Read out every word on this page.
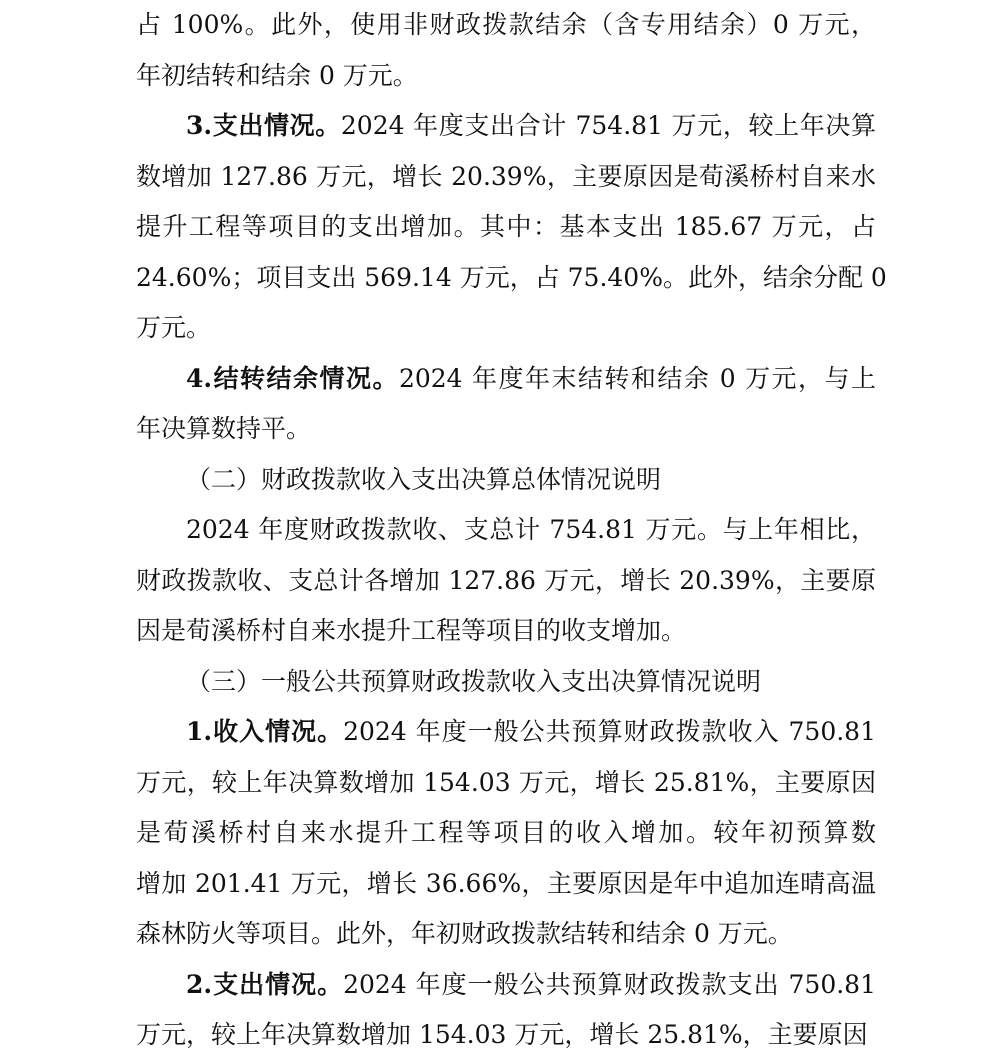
占 100%。此外，使用非财政拨款结余（含专用结余）0 万元，
年初结转和结余 0 万元。
3.支出情况。2024 年度支出合计 754.81 万元，较上年决算
数增加 127.86 万元，增长 20.39%，主要原因是荀溪桥村自来水
提升工程等项目的支出增加。其中：基本支出 185.67 万元，占
24.60%；项目支出 569.14 万元，占 75.40%。此外，结余分配 0
万元。
4.结转结余情况。2024 年度年末结转和结余 0 万元，与上
年决算数持平。
（二）财政拨款收入支出决算总体情况说明
2024 年度财政拨款收、支总计 754.81 万元。与上年相比，
财政拨款收、支总计各增加 127.86 万元，增长 20.39%，主要原
因是荀溪桥村自来水提升工程等项目的收支增加。
（三）一般公共预算财政拨款收入支出决算情况说明
1.收入情况。2024 年度一般公共预算财政拨款收入 750.81
万元，较上年决算数增加 154.03 万元，增长 25.81%，主要原因
是荀溪桥村自来水提升工程等项目的收入增加。较年初预算数
增加 201.41 万元，增长 36.66%，主要原因是年中追加连晴高温
森林防火等项目。此外，年初财政拨款结转和结余 0 万元。
2.支出情况。2024 年度一般公共预算财政拨款支出 750.81
万元，较上年决算数增加 154.03 万元，增长 25.81%，主要原因
